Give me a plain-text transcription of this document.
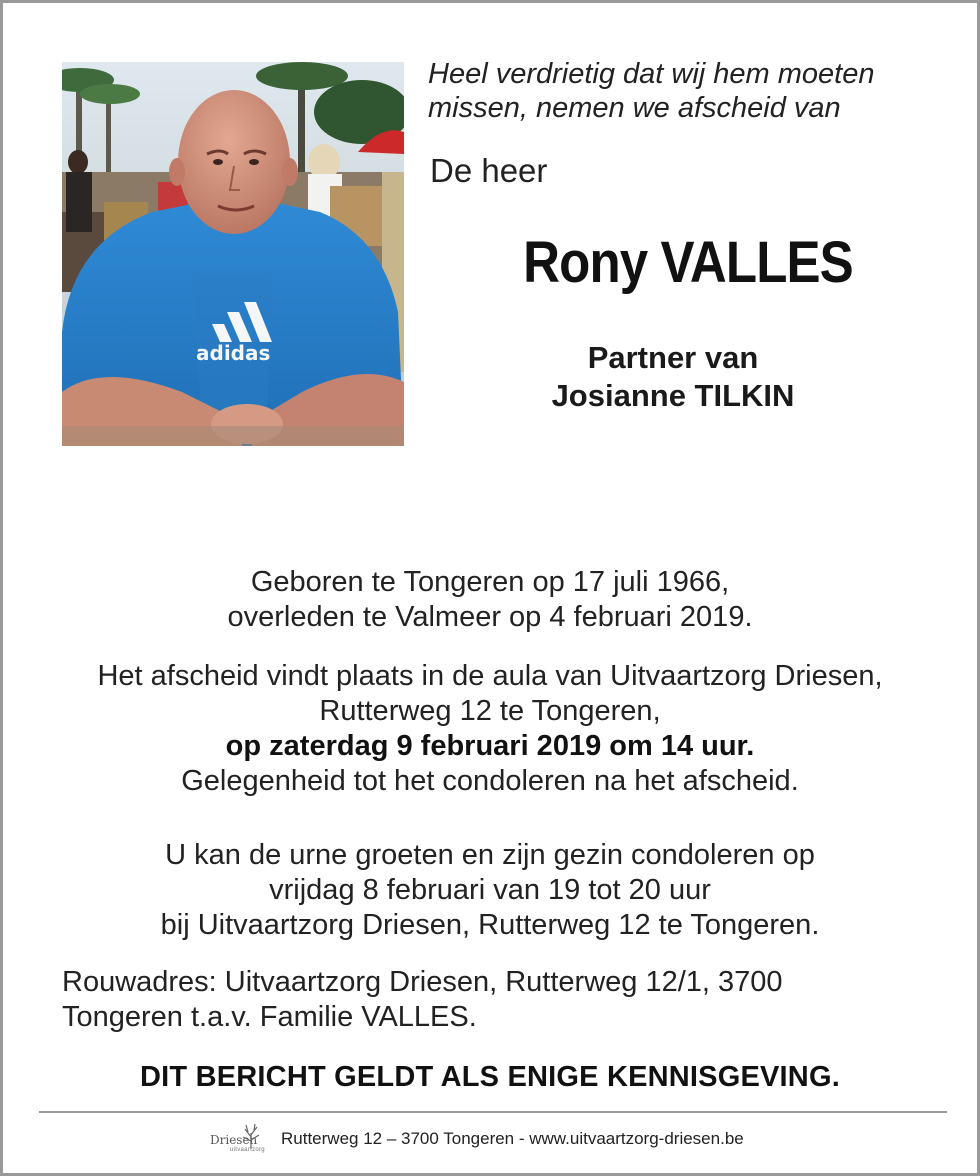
adidas
Heel verdrietig dat wij hem moeten
missen, nemen we afscheid van
De heer
Rony VALLES
Partner van
Josianne TILKIN
Geboren te Tongeren op 17 juli 1966,
overleden te Valmeer op 4 februari 2019.
Het afscheid vindt plaats in de aula van Uitvaartzorg Driesen,
Rutterweg 12 te Tongeren,
op zaterdag 9 februari 2019 om 14 uur.
Gelegenheid tot het condoleren na het afscheid.
U kan de urne groeten en zijn gezin condoleren op
vrijdag 8 februari van 19 tot 20 uur
bij Uitvaartzorg Driesen, Rutterweg 12 te Tongeren.
Rouwadres: Uitvaartzorg Driesen, Rutterweg 12/1, 3700
Tongeren t.a.v. Familie VALLES.
DIT BERICHT GELDT ALS ENIGE KENNISGEVING.
Driesen
uitvaartzorg
Rutterweg 12 – 3700 Tongeren - www.uitvaartzorg-driesen.be
